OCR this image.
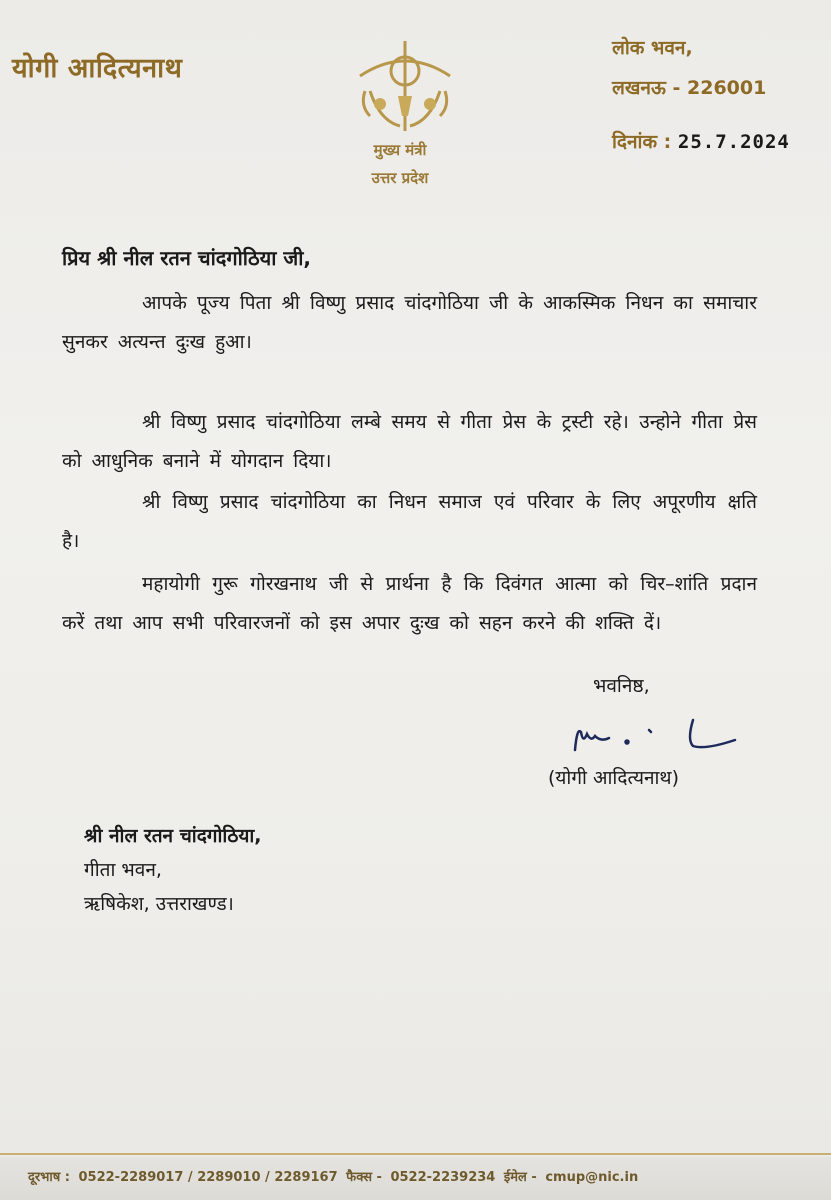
योगी आदित्यनाथ
मुख्य मंत्री
उत्तर प्रदेश
लोक भवन,
लखनऊ - 226001
दिनांक : 25.7.2024
प्रिय श्री नील रतन चांदगोठिया जी,
आपके पूज्य पिता श्री विष्णु प्रसाद चांदगोठिया जी के आकस्मिक निधन का समाचार सुनकर अत्यन्त दुःख हुआ।
श्री विष्णु प्रसाद चांदगोठिया लम्बे समय से गीता प्रेस के ट्रस्टी रहे। उन्होने गीता प्रेस को आधुनिक बनाने में योगदान दिया।
श्री विष्णु प्रसाद चांदगोठिया का निधन समाज एवं परिवार के लिए अपूरणीय क्षति है।
महायोगी गुरू गोरखनाथ जी से प्रार्थना है कि दिवंगत आत्मा को चिर–शांति प्रदान करें तथा आप सभी परिवारजनों को इस अपार दुःख को सहन करने की शक्ति दें।
भवनिष्ठ,
(योगी आदित्यनाथ)
श्री नील रतन चांदगोठिया,
गीता भवन,
ऋषिकेश, उत्तराखण्ड।
दूरभाष : 0522-2289017 / 2289010 / 2289167 फैक्स - 0522-2239234 ईमेल - cmup@nic.in
